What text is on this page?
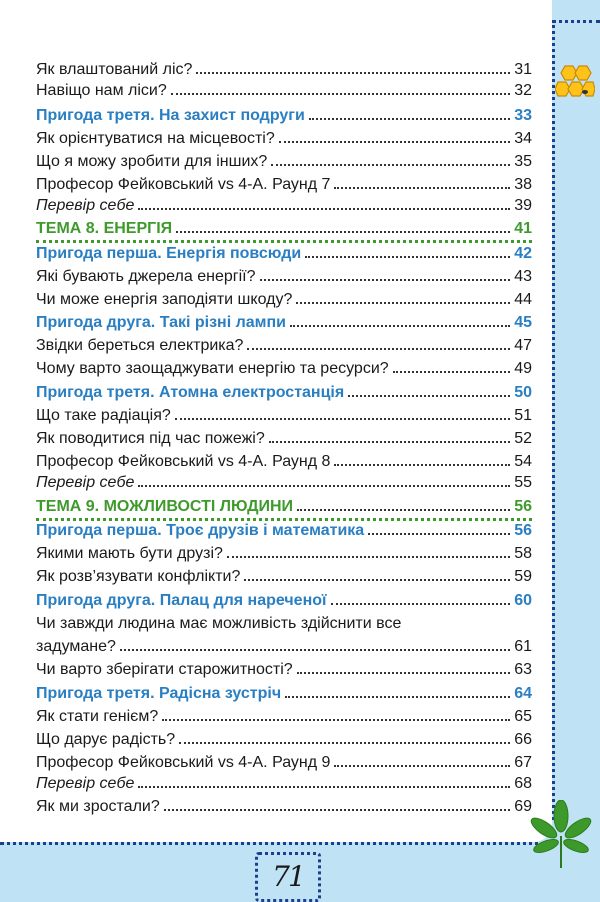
71
Як влаштований ліс?	31
Навіщо нам ліси?	32
Пригода третя. На захист подруги	33
Як орієнтуватися на місцевості?	34
Що я можу зробити для інших?	35
Професор Фейковський vs 4-А. Раунд 7	38
Перевір себе	39
ТЕМА 8. ЕНЕРГІЯ	41
Пригода перша. Енергія повсюди	42
Які бувають джерела енергії?	43
Чи може енергія заподіяти шкоду?	44
Пригода друга. Такі різні лампи	45
Звідки береться електрика?	47
Чому варто заощаджувати енергію та ресурси?	49
Пригода третя. Атомна електростанція	50
Що таке радіація?	51
Як поводитися під час пожежі?	52
Професор Фейковський vs 4-А. Раунд 8	54
Перевір себе	55
ТЕМА 9. МОЖЛИВОСТІ ЛЮДИНИ	56
Пригода перша. Троє друзів і математика	56
Якими мають бути друзі?	58
Як розв’язувати конфлікти?	59
Пригода друга. Палац для нареченої	60
Чи завжди людина має можливість здійснити все
задумане?	61
Чи варто зберігати старожитності?	63
Пригода третя. Радісна зустріч	64
Як стати генієм?	65
Що дарує радість?	66
Професор Фейковський vs 4-А. Раунд 9	67
Перевір себе	68
Як ми зростали?	69
